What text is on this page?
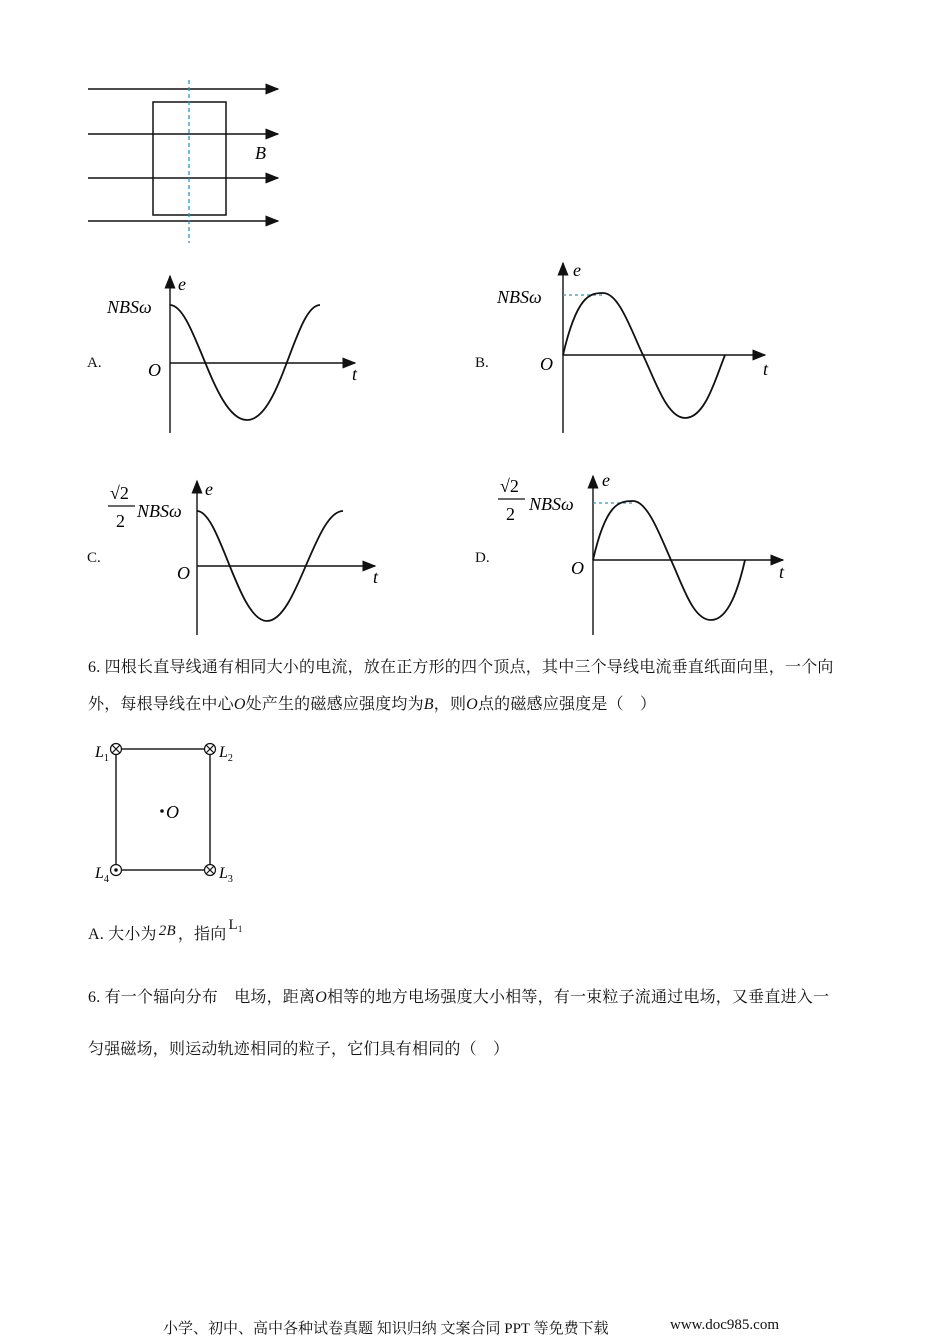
B
A.
NBSω
e
O	t
B.
NBSω
e
O	t
C.
√2
2 NBSω
e
O	t
D.
√2
2 NBSω
e
O	t
6. 四根长直导线通有相同大小的电流，放在正方形的四个顶点，其中三个导线电流垂直纸面向里，一个向
外，每根导线在中心O处产生的磁感应强度均为B，则O点的磁感应强度是（　）
O
$L_1$	$L_2$
$L_3$
$L_4$
A. 大小为 2B ，指向$L^1$
6. 有一个辐向分布　电场，距离O相等的地方电场强度大小相等，有一束粒子流通过电场，又垂直进入一
匀强磁场，则运动轨迹相同的粒子，它们具有相同的（　）
小学、初中、高中各种试卷真题 知识归纳 文案合同 PPT 等免费下载	www.doc985.com
